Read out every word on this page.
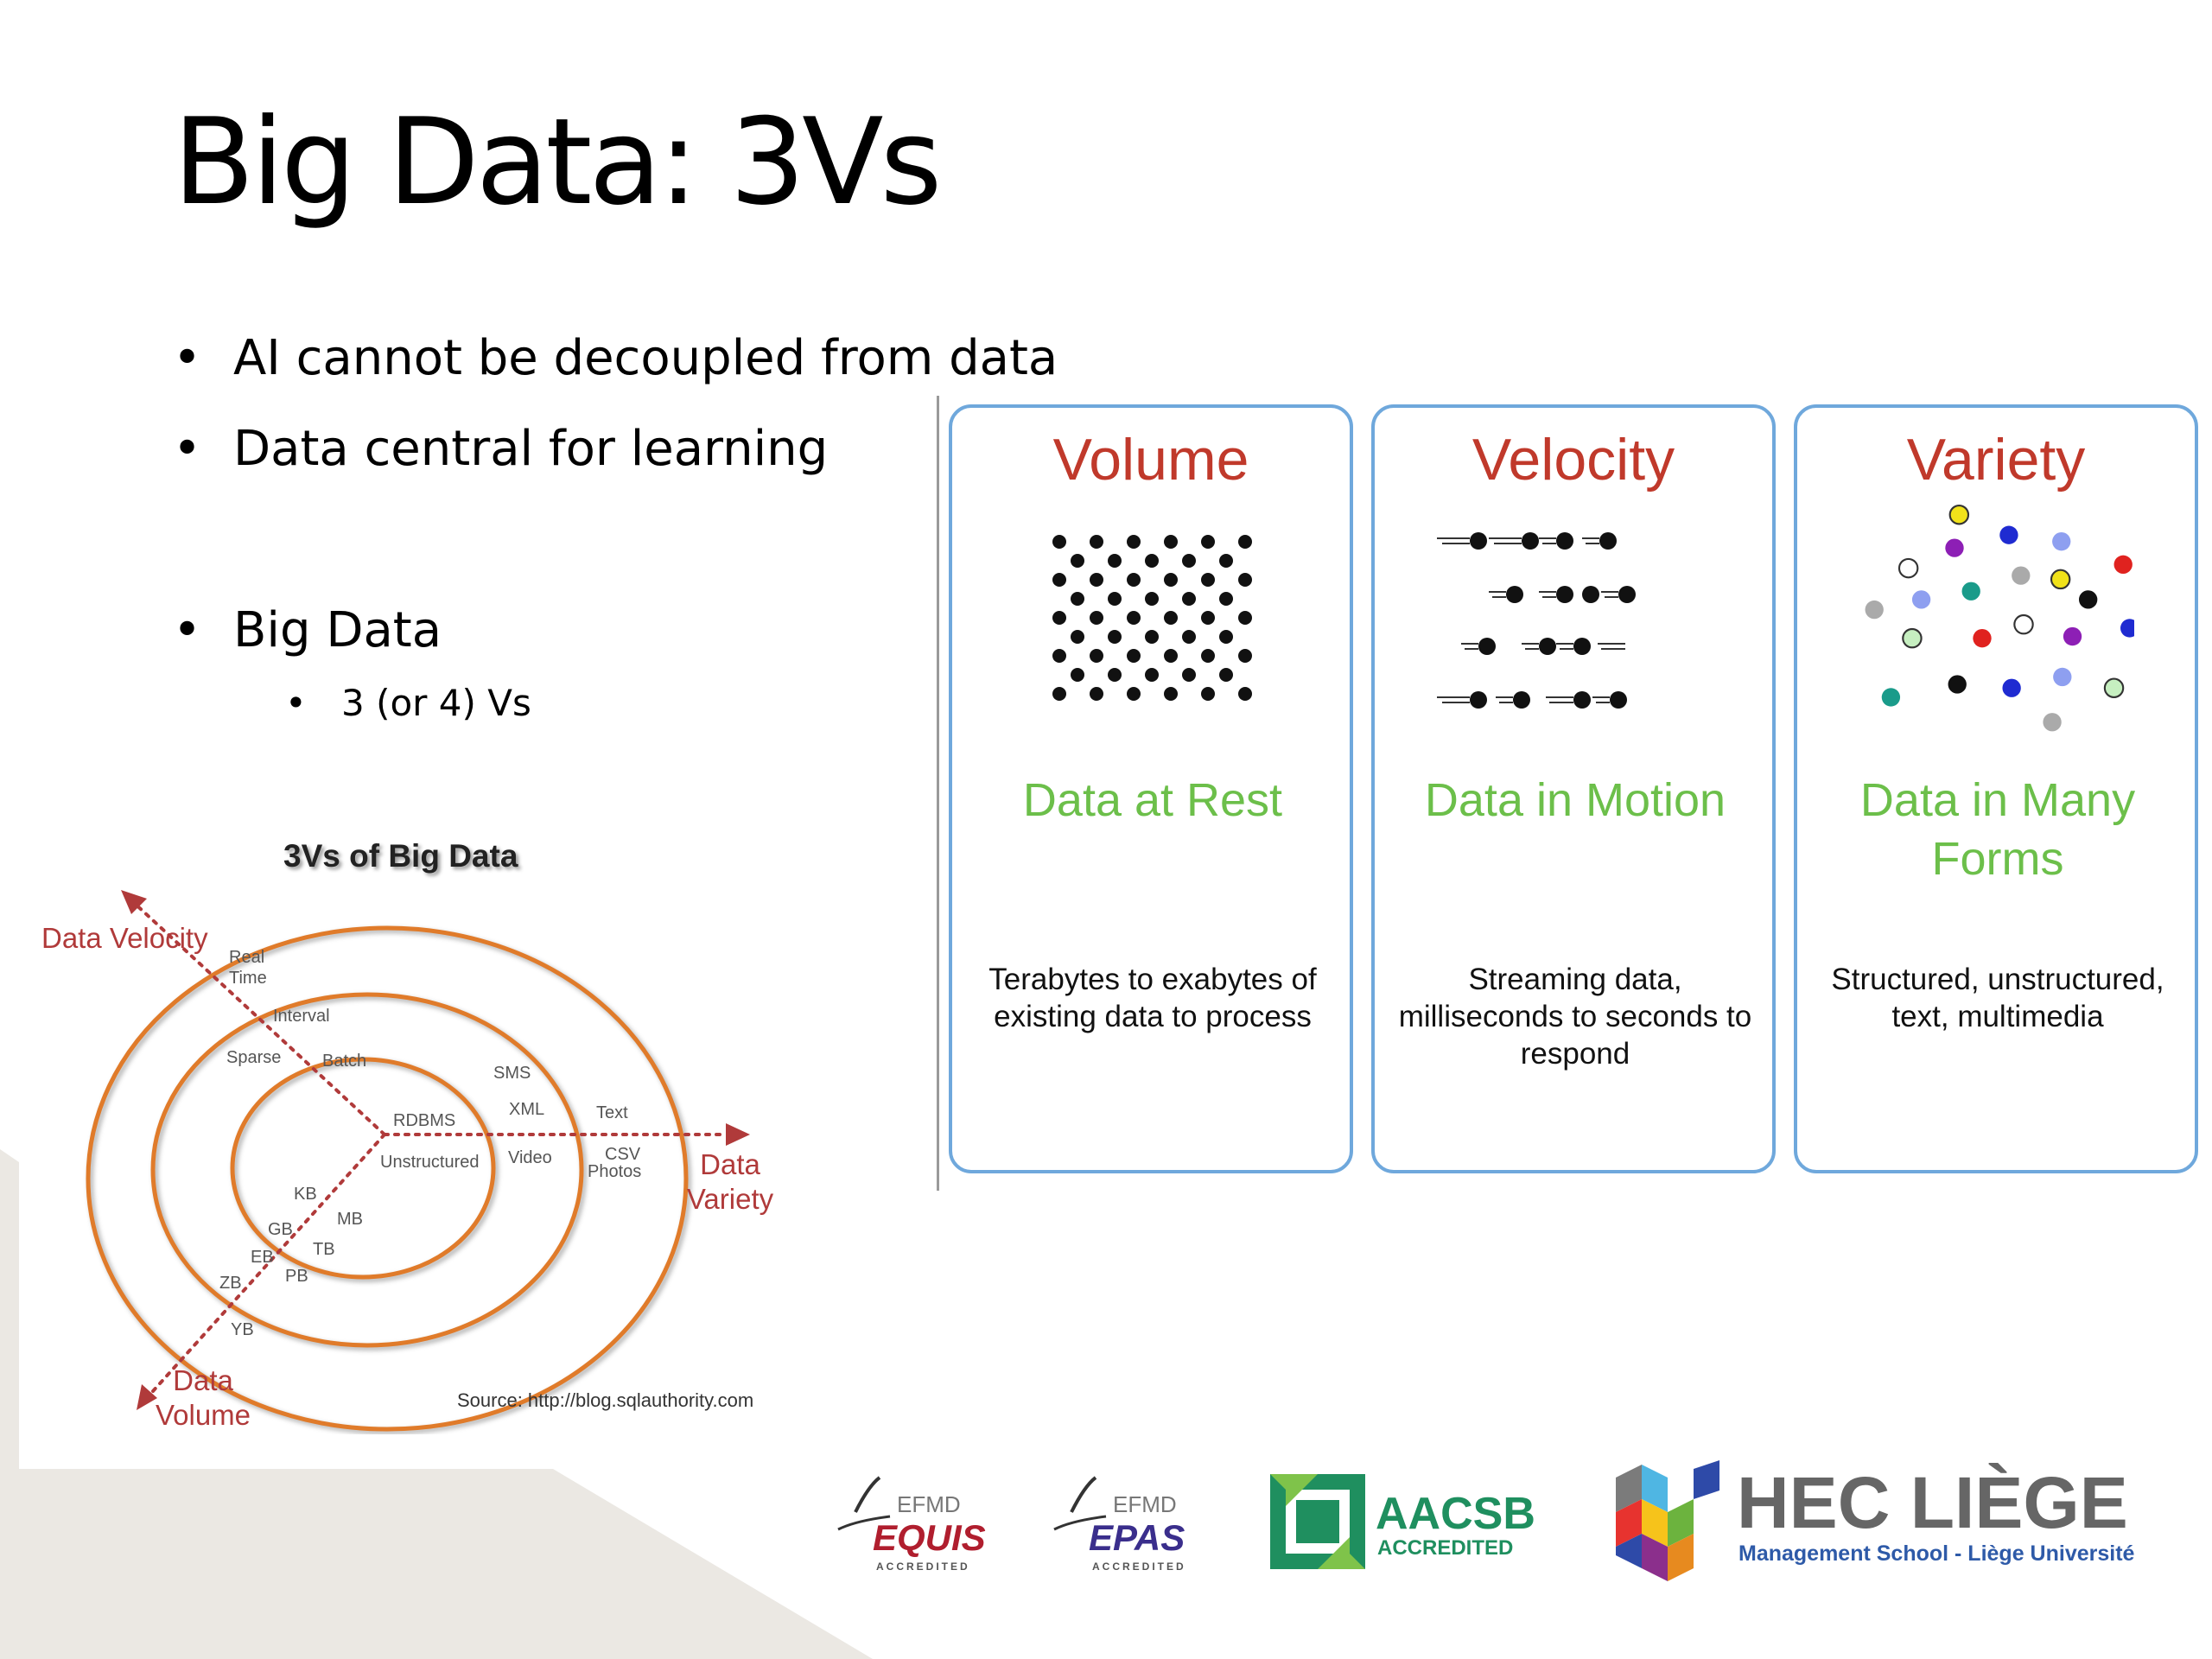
Big Data: 3Vs
• AI cannot be decoupled from data
• Data central for learning
• Big Data
• 3 (or 4) Vs
Volume
Data at Rest
Terabytes to exabytes of existing data to process
Velocity
Data in Motion
Streaming data, milliseconds to seconds to respond
Variety
Data in Many Forms
Structured, unstructured, text, multimedia
3Vs of Big Data
Data Velocity
Data Variety
Data Volume
Real Time
Interval
Batch
Sparse
SMS
XML
RDBMS	Text
Unstructured Video	CSV
Photos
KB
MB
GB
TB
EB
PB
ZB
YB
Source: http://blog.sqlauthority.com
EFMD
EQUIS
ACCREDITED
EFMD
EPAS
ACCREDITED
AACSB
ACCREDITED
HEC LIÈGE
Management School - Liège Université
